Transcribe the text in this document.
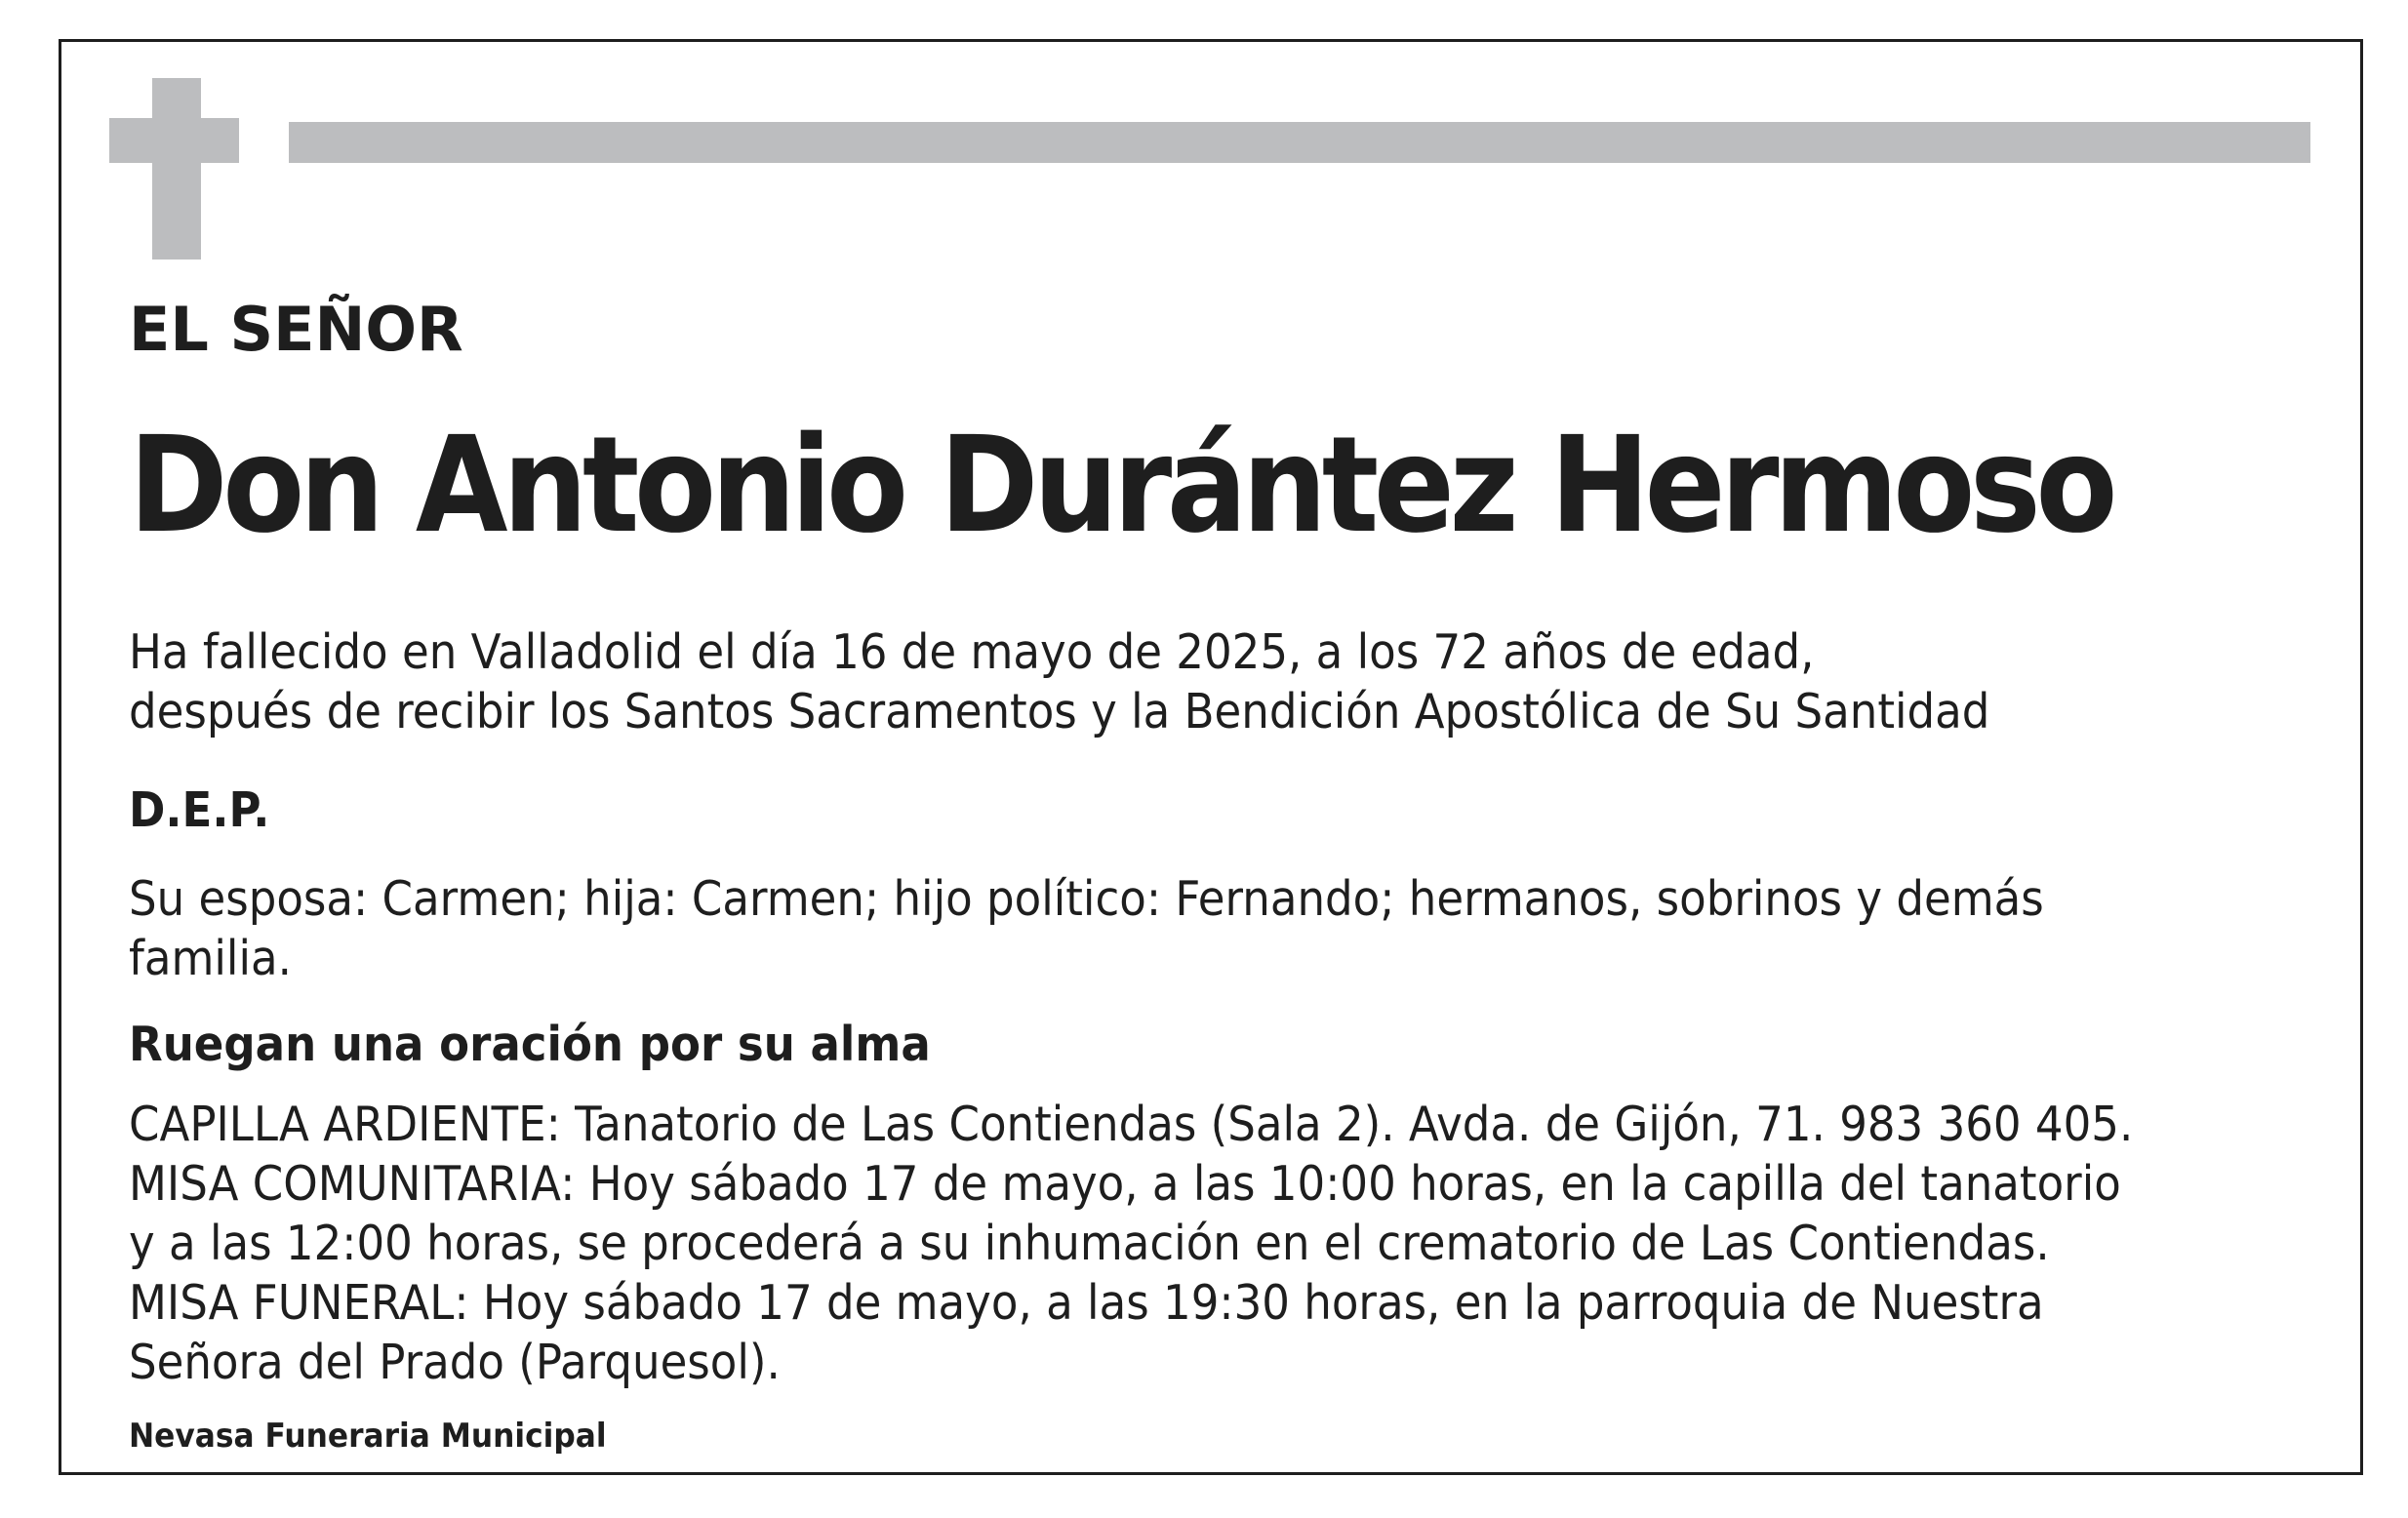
EL SEÑOR

Don Antonio Durántez Hermoso

Ha fallecido en Valladolid el día 16 de mayo de 2025, a los 72 años de edad,

después de recibir los Santos Sacramentos y la Bendición Apostólica de Su Santidad

D.E.P.

Su esposa: Carmen; hija: Carmen; hijo político: Fernando; hermanos, sobrinos y demás

familia.

Ruegan una oración por su alma

CAPILLA ARDIENTE: Tanatorio de Las Contiendas (Sala 2). Avda. de Gijón, 71. 983 360 405.

MISA COMUNITARIA: Hoy sábado 17 de mayo, a las 10:00 horas, en la capilla del tanatorio

y a las 12:00 horas, se procederá a su inhumación en el crematorio de Las Contiendas.

MISA FUNERAL: Hoy sábado 17 de mayo, a las 19:30 horas, en la parroquia de Nuestra

Señora del Prado (Parquesol).

Nevasa Funeraria Municipal
